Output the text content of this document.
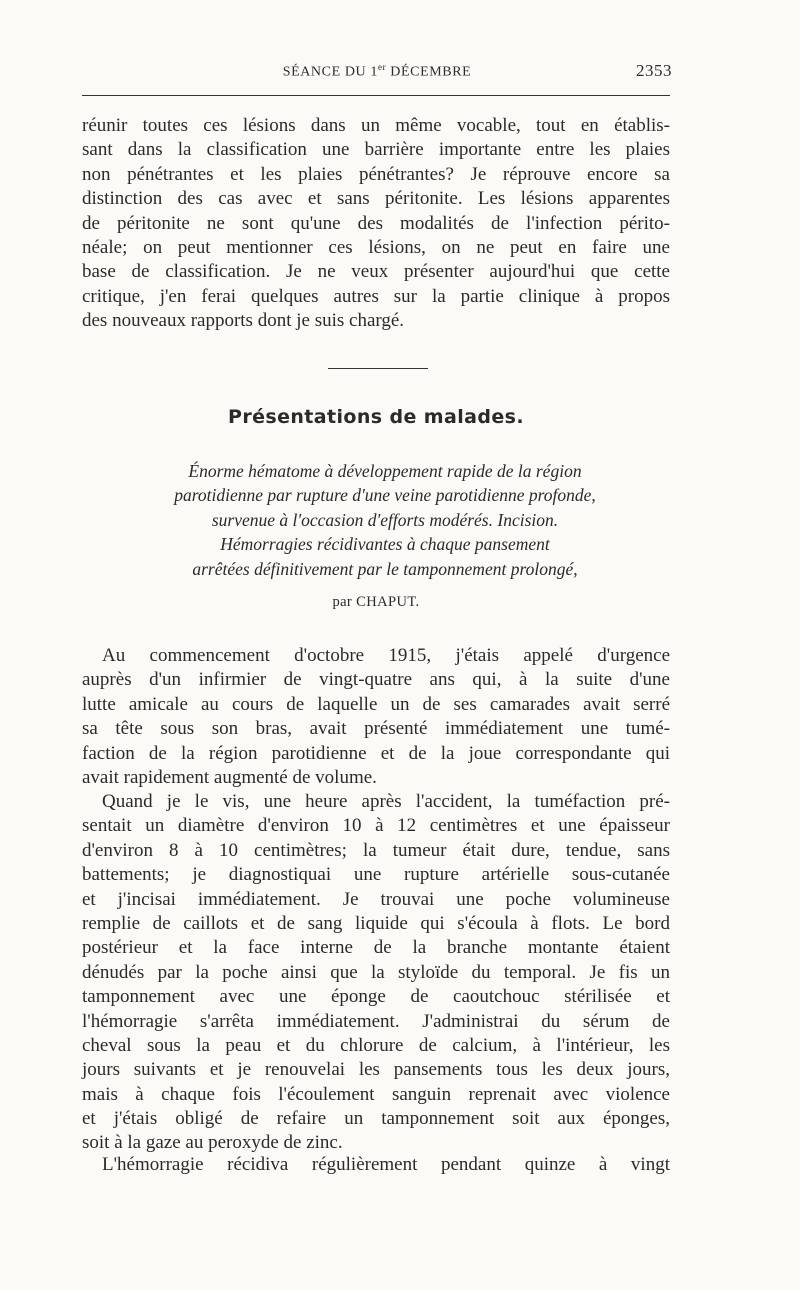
SÉANCE DU 1er DÉCEMBRE	2353
réunir toutes ces lésions dans un même vocable, tout en établis-
sant dans la classification une barrière importante entre les plaies
non pénétrantes et les plaies pénétrantes? Je réprouve encore sa
distinction des cas avec et sans péritonite. Les lésions apparentes
de péritonite ne sont qu'une des modalités de l'infection périto-
néale; on peut mentionner ces lésions, on ne peut en faire une
base de classification. Je ne veux présenter aujourd'hui que cette
critique, j'en ferai quelques autres sur la partie clinique à propos
des nouveaux rapports dont je suis chargé.
Présentations de malades.
Énorme hématome à développement rapide de la région
parotidienne par rupture d'une veine parotidienne profonde,
survenue à l'occasion d'efforts modérés. Incision.
Hémorragies récidivantes à chaque pansement
arrêtées définitivement par le tamponnement prolongé,
par CHAPUT.
Au commencement d'octobre 1915, j'étais appelé d'urgence
auprès d'un infirmier de vingt-quatre ans qui, à la suite d'une
lutte amicale au cours de laquelle un de ses camarades avait serré
sa tête sous son bras, avait présenté immédiatement une tumé-
faction de la région parotidienne et de la joue correspondante qui
avait rapidement augmenté de volume.
Quand je le vis, une heure après l'accident, la tuméfaction pré-
sentait un diamètre d'environ 10 à 12 centimètres et une épaisseur
d'environ 8 à 10 centimètres; la tumeur était dure, tendue, sans
battements; je diagnostiquai une rupture artérielle sous-cutanée
et j'incisai immédiatement. Je trouvai une poche volumineuse
remplie de caillots et de sang liquide qui s'écoula à flots. Le bord
postérieur et la face interne de la branche montante étaient
dénudés par la poche ainsi que la styloïde du temporal. Je fis un
tamponnement avec une éponge de caoutchouc stérilisée et
l'hémorragie s'arrêta immédiatement. J'administrai du sérum de
cheval sous la peau et du chlorure de calcium, à l'intérieur, les
jours suivants et je renouvelai les pansements tous les deux jours,
mais à chaque fois l'écoulement sanguin reprenait avec violence
et j'étais obligé de refaire un tamponnement soit aux éponges,
soit à la gaze au peroxyde de zinc.
L'hémorragie récidiva régulièrement pendant quinze à vingt
